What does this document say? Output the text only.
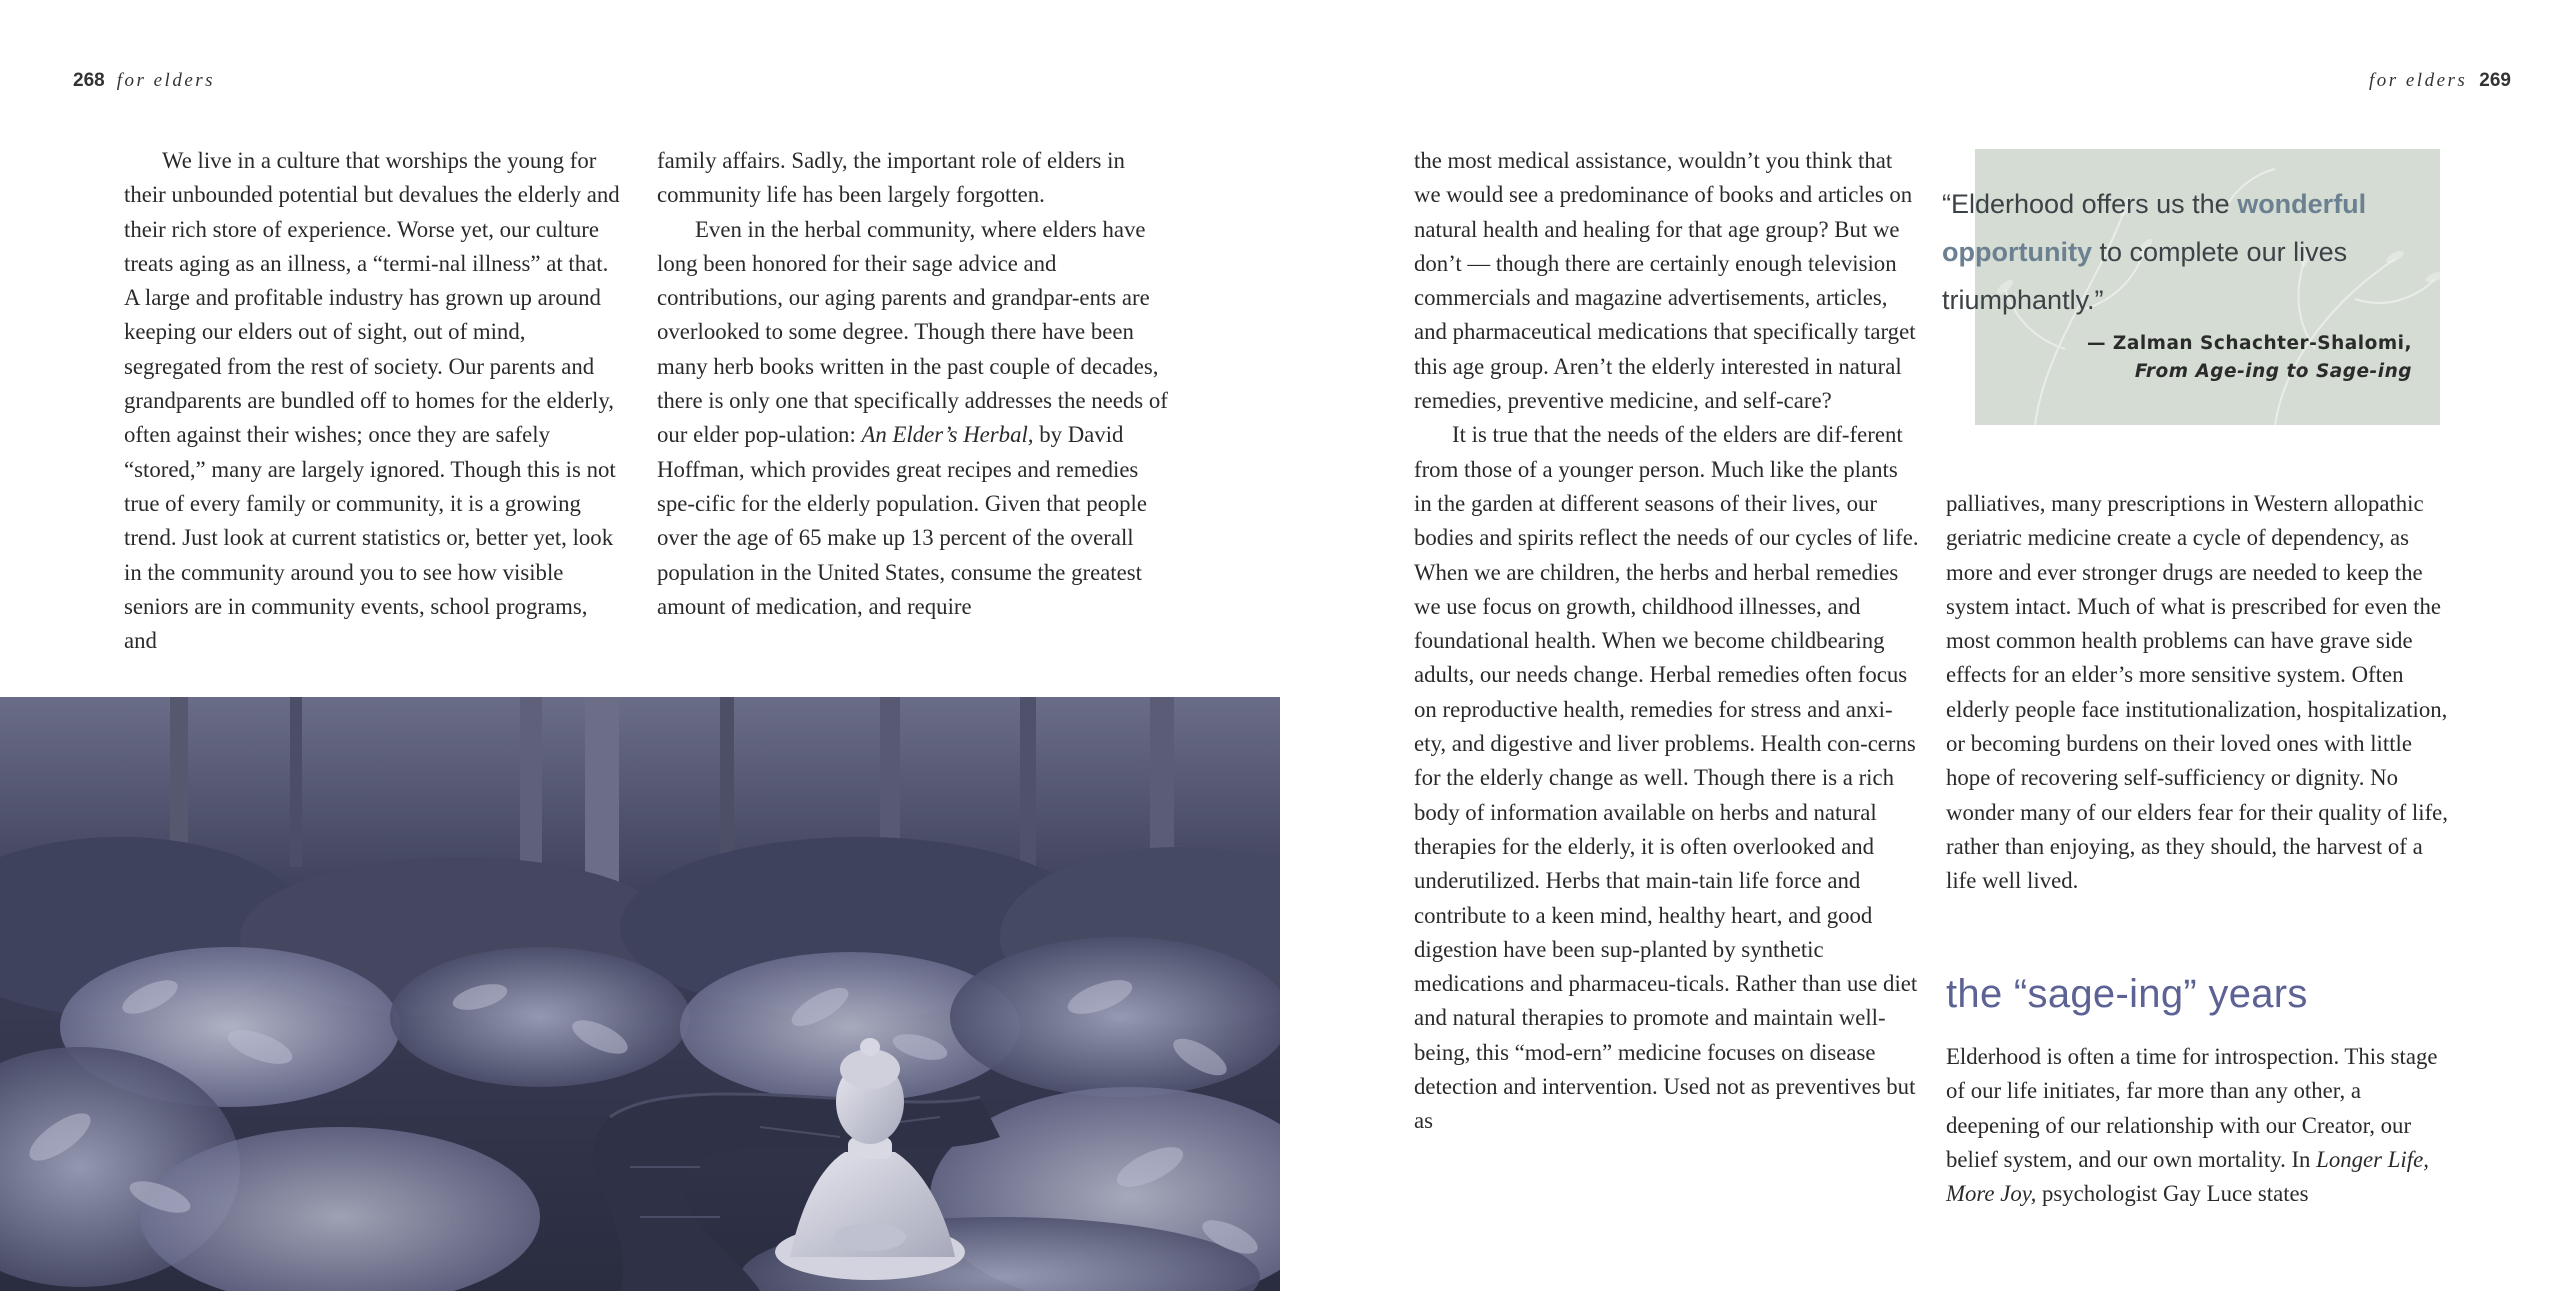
268 for elders	for elders 269

We live in a culture that worships the young for their unbounded potential but devalues the elderly and their rich store of experience. Worse yet, our culture treats aging as an illness, a “termi-nal illness” at that. A large and profitable industry has grown up around keeping our elders out of sight, out of mind, segregated from the rest of society. Our parents and grandparents are bundled off to homes for the elderly, often against their wishes; once they are safely “stored,” many are largely ignored. Though this is not true of every family or community, it is a growing trend. Just look at current statistics or, better yet, look in the community around you to see how visible seniors are in community events, school programs, and

family affairs. Sadly, the important role of elders in community life has been largely forgotten.

Even in the herbal community, where elders have long been honored for their sage advice and contributions, our aging parents and grandpar-ents are overlooked to some degree. Though there have been many herb books written in the past couple of decades, there is only one that specifically addresses the needs of our elder pop-ulation: An Elder’s Herbal, by David Hoffman, which provides great recipes and remedies spe-cific for the elderly population. Given that people over the age of 65 make up 13 percent of the overall population in the United States, consume the greatest amount of medication, and require

the most medical assistance, wouldn’t you think that we would see a predominance of books and articles on natural health and healing for that age group? But we don’t — though there are certainly enough television commercials and magazine advertisements, articles, and pharmaceutical medications that specifically target this age group. Aren’t the elderly interested in natural remedies, preventive medicine, and self-care?

It is true that the needs of the elders are dif-ferent from those of a younger person. Much like the plants in the garden at different seasons of their lives, our bodies and spirits reflect the needs of our cycles of life. When we are children, the herbs and herbal remedies we use focus on growth, childhood illnesses, and foundational health. When we become childbearing adults, our needs change. Herbal remedies often focus on reproductive health, remedies for stress and anxi-ety, and digestive and liver problems. Health con-cerns for the elderly change as well. Though there is a rich body of information available on herbs and natural therapies for the elderly, it is often overlooked and underutilized. Herbs that main-tain life force and contribute to a keen mind, healthy heart, and good digestion have been sup-planted by synthetic medications and pharmaceu-ticals. Rather than use diet and natural therapies to promote and maintain well-being, this “mod-ern” medicine focuses on disease detection and intervention. Used not as preventives but as

“Elderhood offers us the wonderful opportunity to complete our lives triumphantly.”
— Zalman Schachter-Shalomi,
From Age-ing to Sage-ing

palliatives, many prescriptions in Western allopathic geriatric medicine create a cycle of dependency, as more and ever stronger drugs are needed to keep the system intact. Much of what is prescribed for even the most common health problems can have grave side effects for an elder’s more sensitive system. Often elderly people face institutionalization, hospitalization, or becoming burdens on their loved ones with little hope of recovering self-sufficiency or dignity. No wonder many of our elders fear for their quality of life, rather than enjoying, as they should, the harvest of a life well lived.

the “sage-ing” years

Elderhood is often a time for introspection. This stage of our life initiates, far more than any other, a deepening of our relationship with our Creator, our belief system, and our own mortality. In Longer Life, More Joy, psychologist Gay Luce states
